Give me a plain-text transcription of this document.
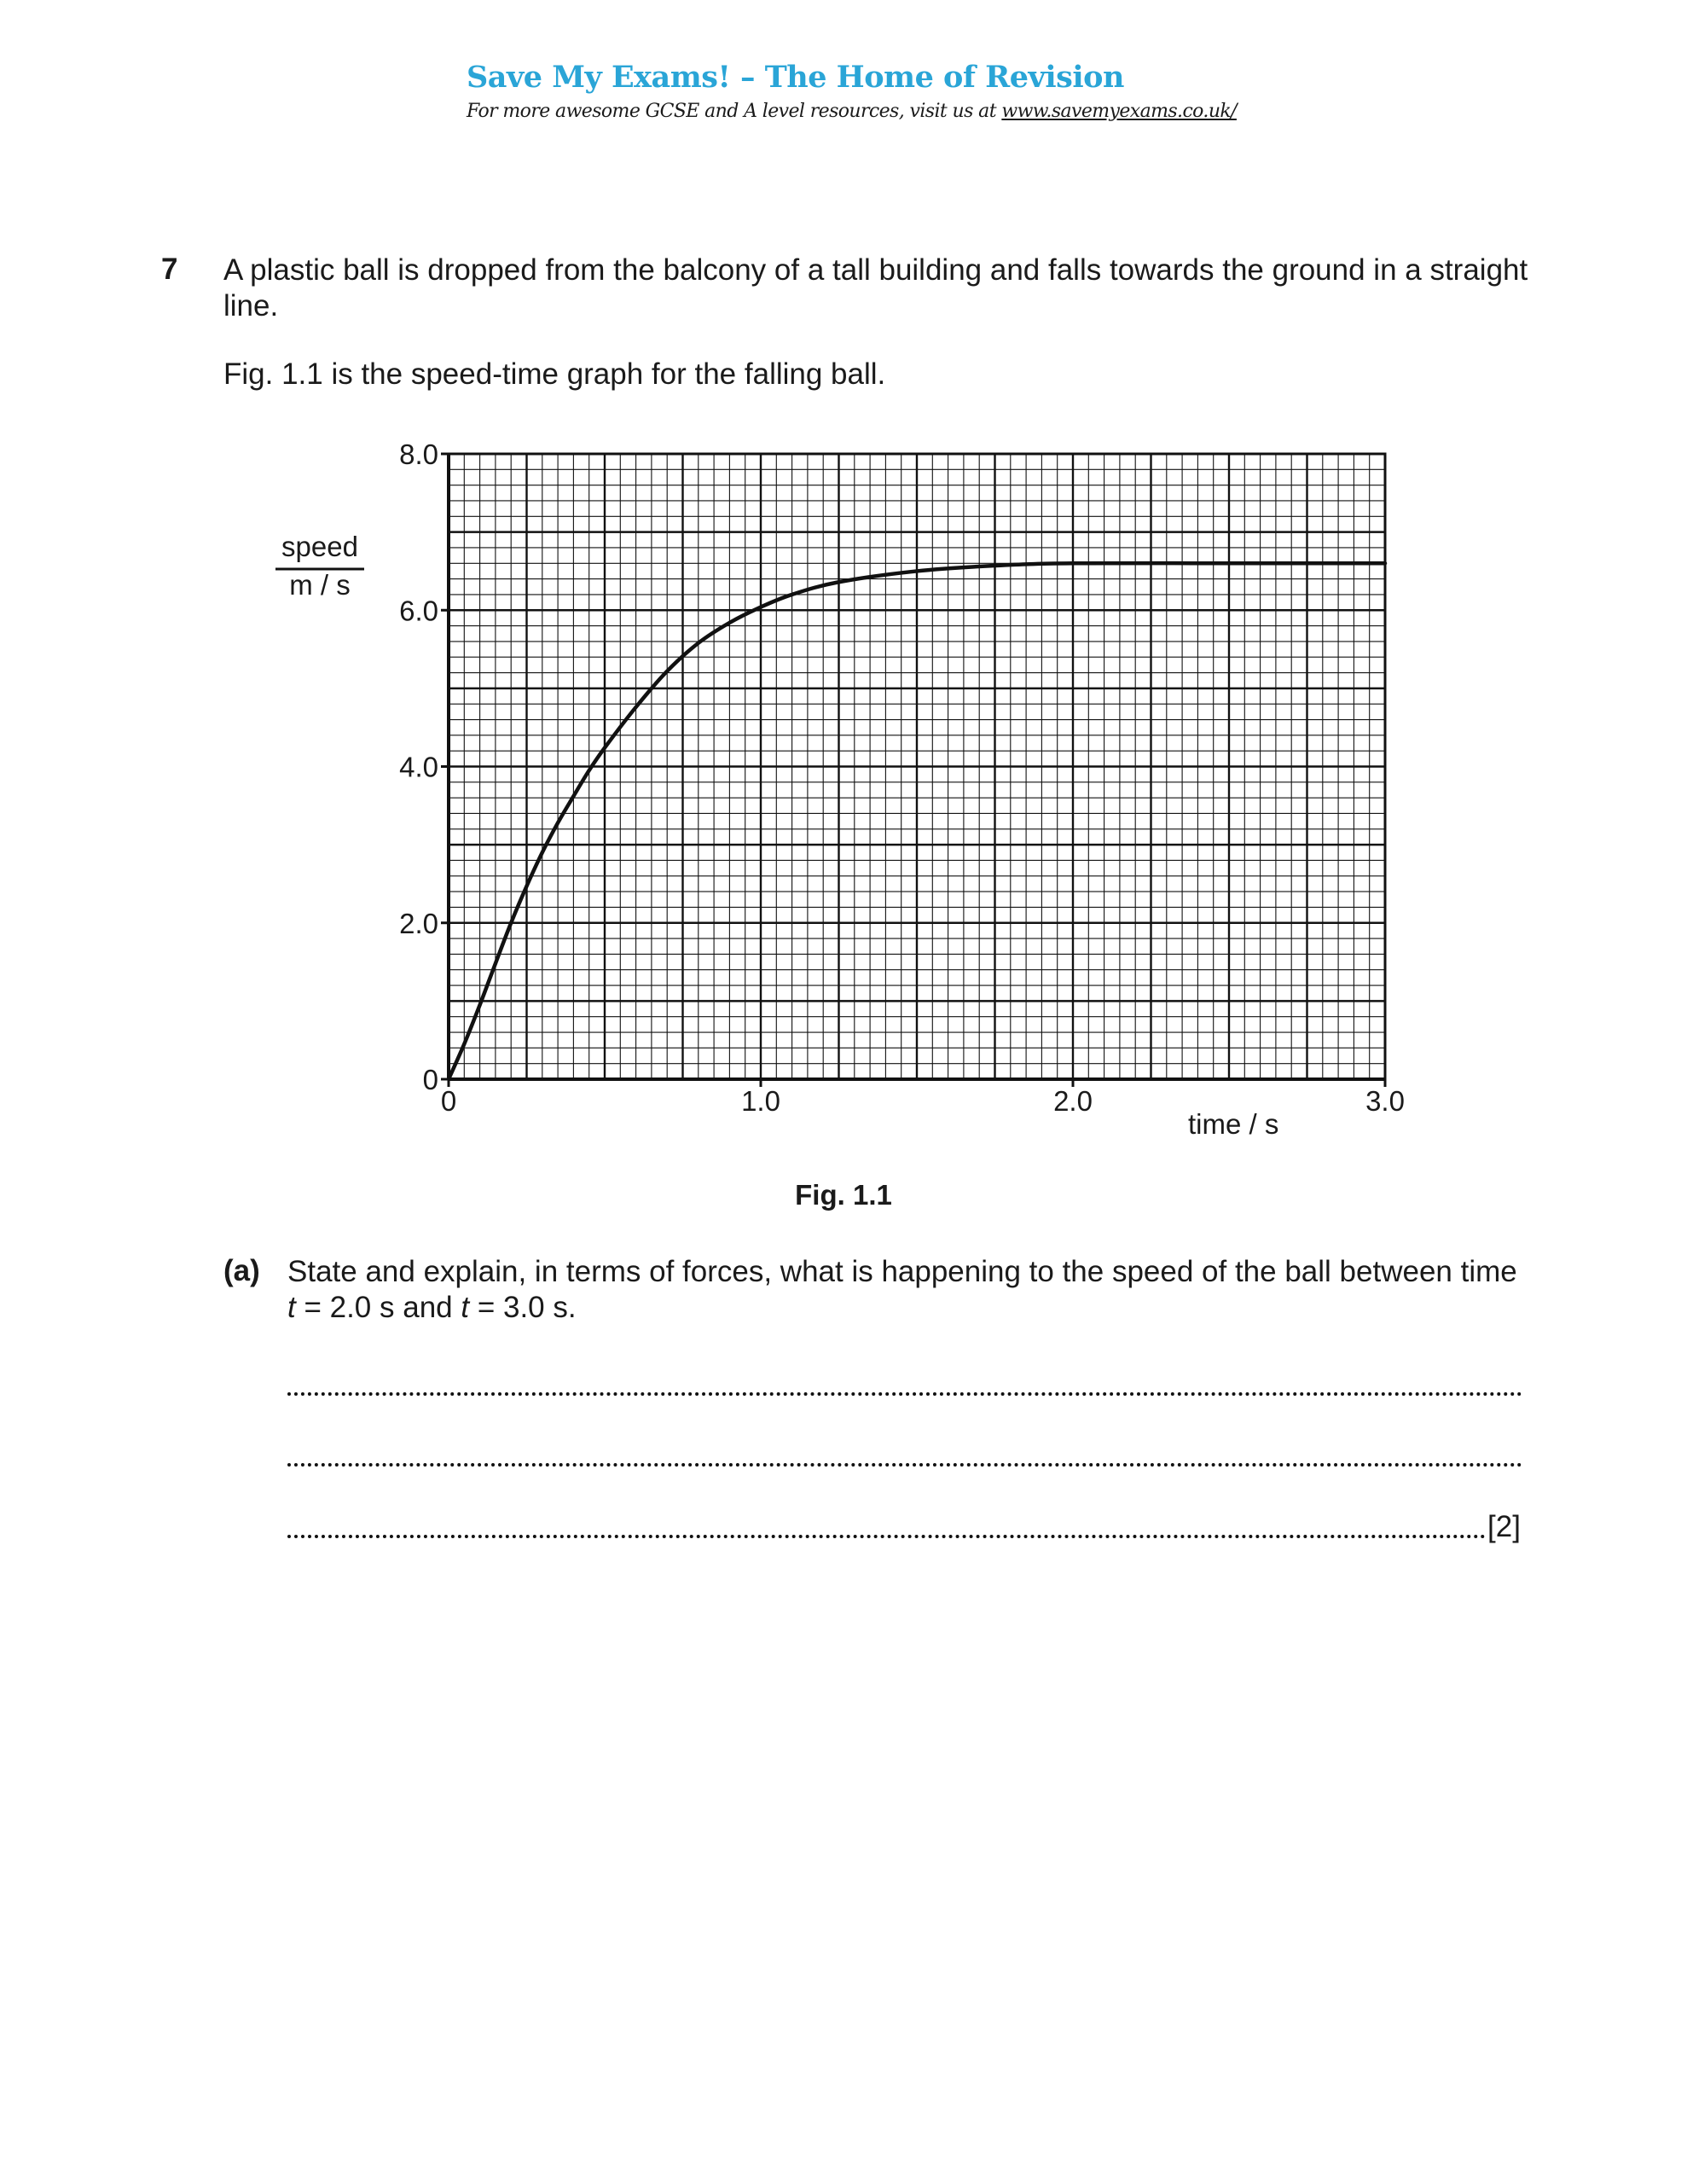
Save My Exams! – The Home of Revision
For more awesome GCSE and A level resources, visit us at www.savemyexams.co.uk/
7 A plastic ball is dropped from the balcony of a tall building and falls towards the ground in a straight
line.
Fig. 1.1 is the speed-time graph for the falling ball.
0	1.0	2.0	3.0
0
2.0
4.0
6.0
8.0
speed
m / s
time / s
Fig. 1.1
(a) State and explain, in terms of forces, what is happening to the speed of the ball between time
t = 2.0 s and t = 3.0 s.
[2]
